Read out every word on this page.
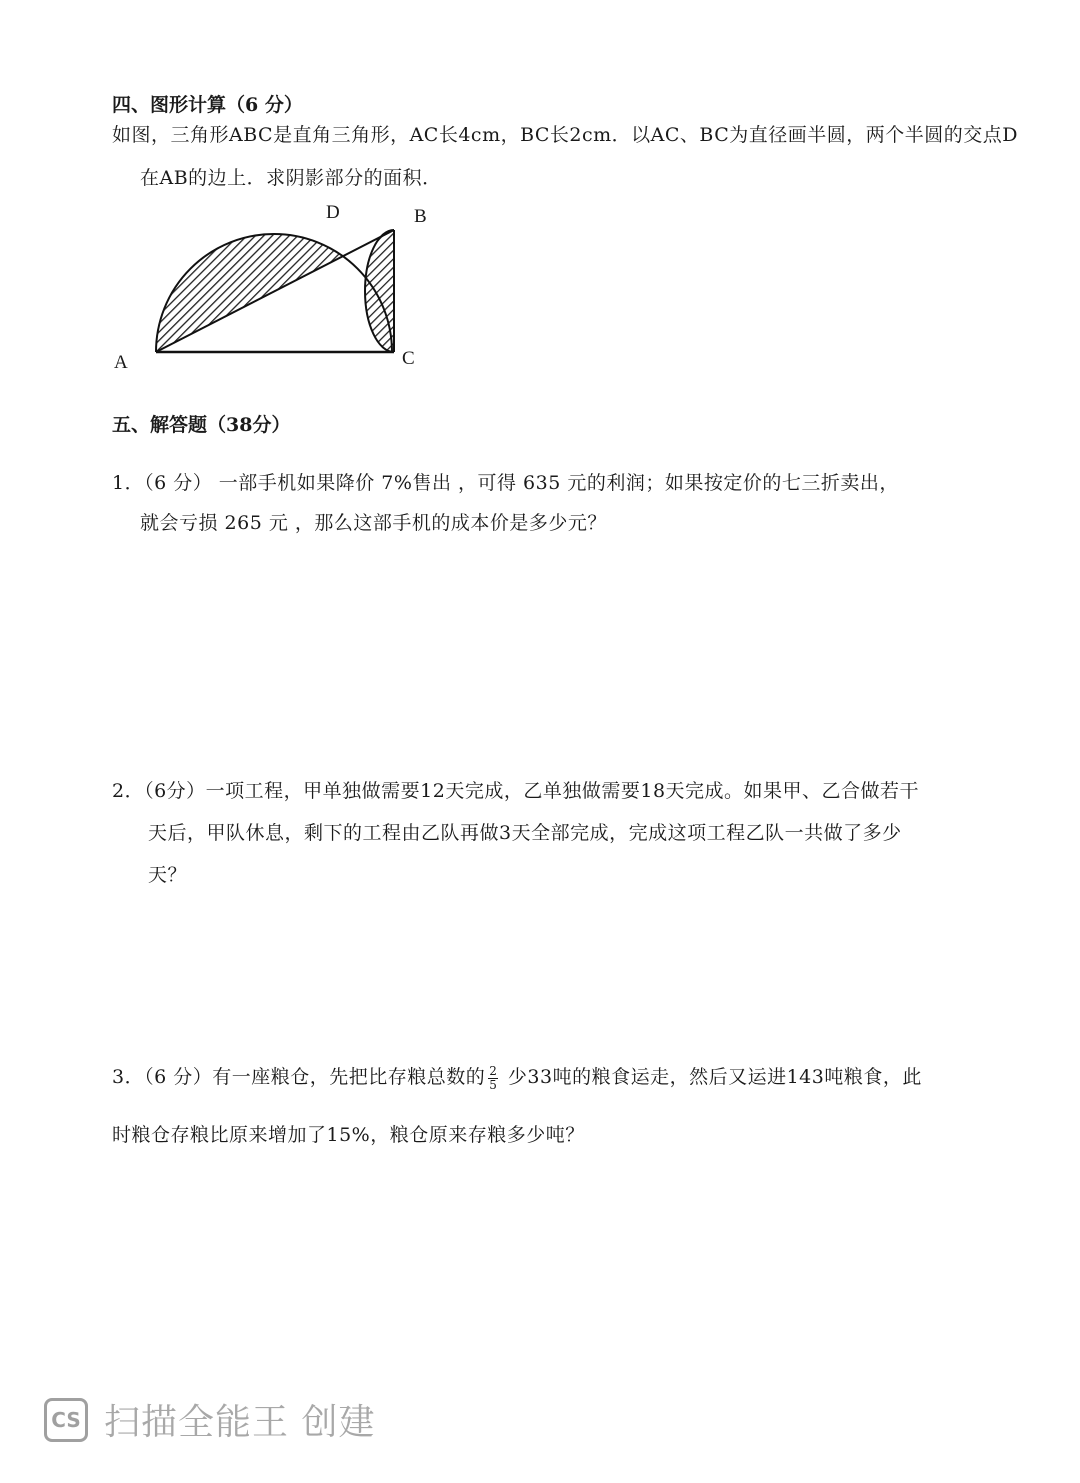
四、图形计算（6 分）
如图，三角形ABC是直角三角形，AC长4cm，BC长2cm．以AC、BC为直径画半圆，两个半圆的交点D
在AB的边上．求阴影部分的面积．
A
B
C
D
五、解答题（38分）
1．（6 分） 一部手机如果降价 7%售出 ，可得 635 元的利润；如果按定价的七三折卖出，
就会亏损 265 元 ，那么这部手机的成本价是多少元？
2．（6分）一项工程，甲单独做需要12天完成，乙单独做需要18天完成。如果甲、乙合做若干
天后，甲队休息，剩下的工程由乙队再做3天全部完成，完成这项工程乙队一共做了多少
天？
3．（6 分）有一座粮仓，先把比存粮总数的 $\frac{2}{5}$ 少33吨的粮食运走，然后又运进143吨粮食，此
时粮仓存粮比原来增加了15%，粮仓原来存粮多少吨？
CS 扫描全能王 创建
